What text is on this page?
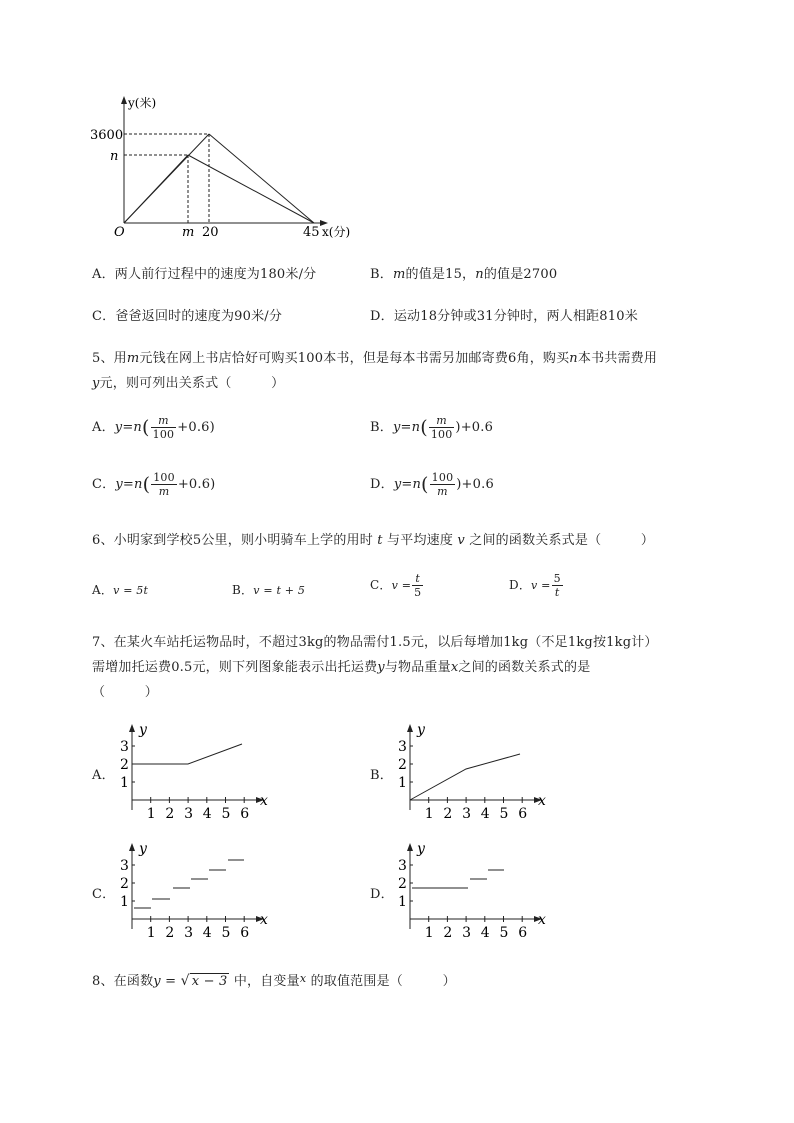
y(米)
3600
n
O	m 20	45 x(分)
A．两人前行过程中的速度为180米/分	B．m的值是15，n的值是2700
C．爸爸返回时的速度为90米/分	D．运动18分钟或31分钟时，两人相距810米
5、用m元钱在网上书店恰好可购买100本书，但是每本书需另加邮寄费6角，购买n本书共需费用
y元，则可列出关系式（　　　）
A．$y=n( \frac{m}{100} +0.6)$	B．$y=n( \frac{m}{100} )+0.6$
C．$y=n( \frac{100}{m} +0.6)$	D．$y=n( \frac{100}{m} )+0.6$
6、小明家到学校5公里，则小明骑车上学的用时 t 与平均速度 v 之间的函数关系式是（　　　）
A．v = 5t	B．v = t + 5	C．$v = \frac{t}{5}$	D．$v = \frac{5}{t}$
7、在某火车站托运物品时，不超过3kg的物品需付1.5元，以后每增加1kg（不足1kg按1kg计）
需增加托运费0.5元，则下列图象能表示出托运费y与物品重量x之间的函数关系式的是
（　　　）
A．	B．
C．	D．
1 2 3 4 5 6
1
2
3
x
y
1 2 3 4 5 6
1
2
3
x
y
1 2 3 4 5 6
1
2
3
x
y
1 2 3 4 5 6
1
2
3
x
y
8、在函数y = √ x − 3 中，自变量$^x$ 的取值范围是（　　　）
